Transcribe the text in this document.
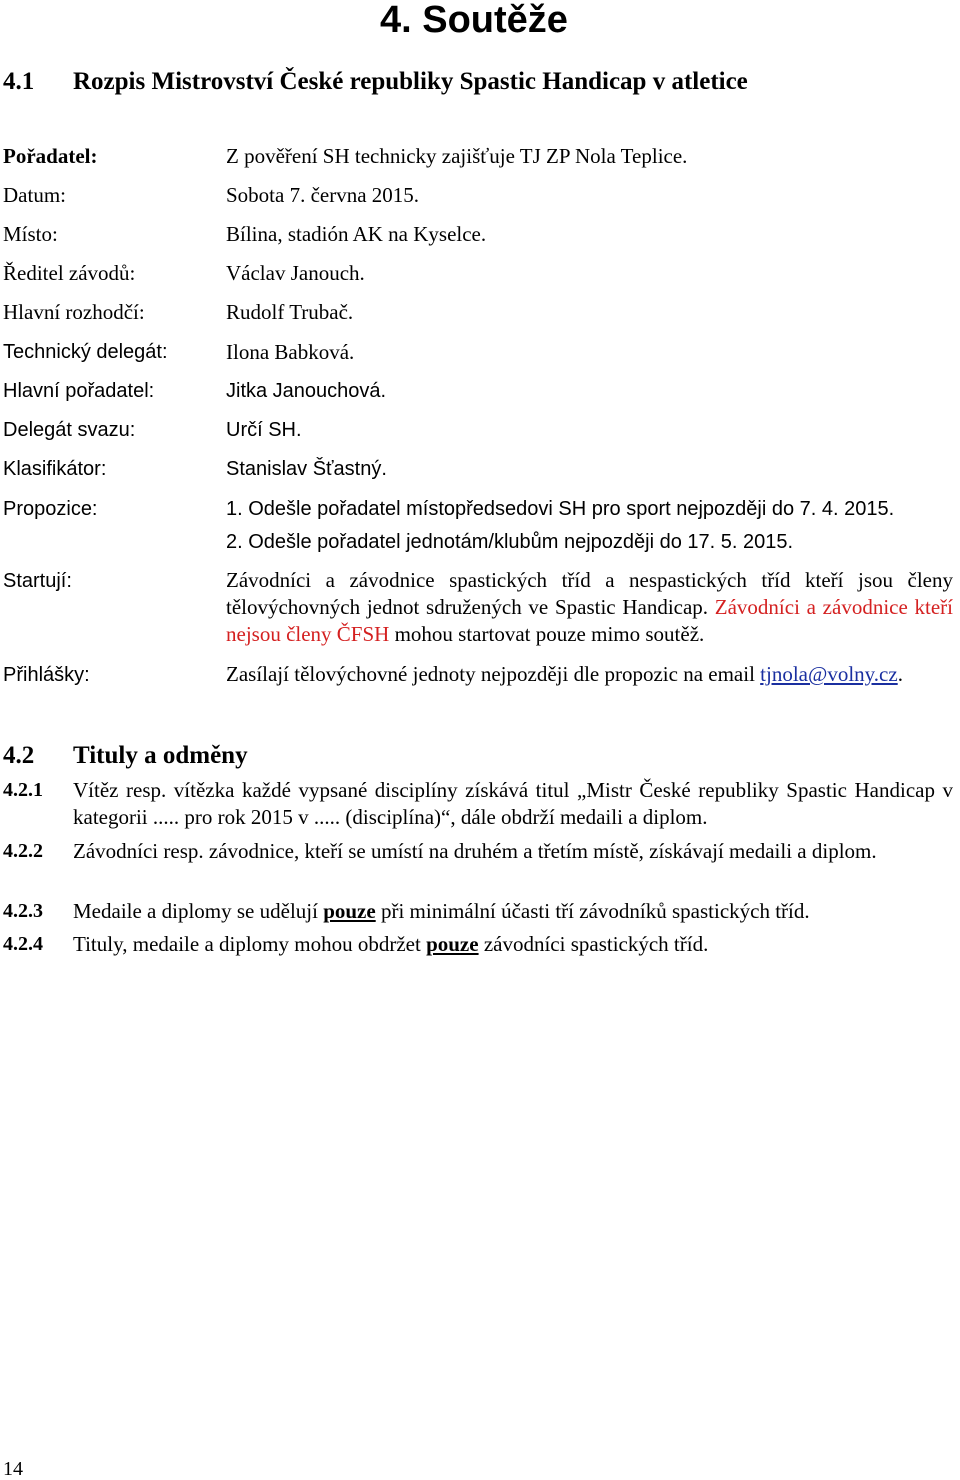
4. Soutěže
4.1 Rozpis Mistrovství České republiky Spastic Handicap v atletice
Pořadatel:	Z pověření SH technicky zajišťuje TJ ZP Nola Teplice.
Datum:	Sobota 7. června 2015.
Místo:	Bílina, stadión AK na Kyselce.
Ředitel závodů:	Václav Janouch.
Hlavní rozhodčí:	Rudolf Trubač.
Technický delegát:	Ilona Babková.
Hlavní pořadatel:	Jitka Janouchová.
Delegát svazu:	Určí SH.
Klasifikátor:	Stanislav Šťastný.
Propozice:	1. Odešle pořadatel místopředsedovi SH pro sport nejpozději do 7. 4. 2015.
2. Odešle pořadatel jednotám/klubům nejpozději do 17. 5. 2015.
Startují:	Závodníci a závodnice spastických tříd a nespastických tříd kteří jsou členy tělovýchovných jednot sdružených ve Spastic Handicap. Závodníci a závodnice kteří nejsou členy ČFSH mohou startovat pouze mimo soutěž.
Přihlášky:	Zasílají tělovýchovné jednoty nejpozději dle propozic na email tjnola@volny.cz.
4.2 Tituly a odměny
4.2.1 Vítěz resp. vítězka každé vypsané disciplíny získává titul „Mistr České republiky Spastic Handicap v kategorii ..... pro rok 2015 v ..... (disciplína)“, dále obdrží medaili a diplom.
4.2.2 Závodníci resp. závodnice, kteří se umístí na druhém a třetím místě, získávají medaili a diplom.
4.2.3 Medaile a diplomy se udělují pouze při minimální účasti tří závodníků spastických tříd.
4.2.4 Tituly, medaile a diplomy mohou obdržet pouze závodníci spastických tříd.
14
